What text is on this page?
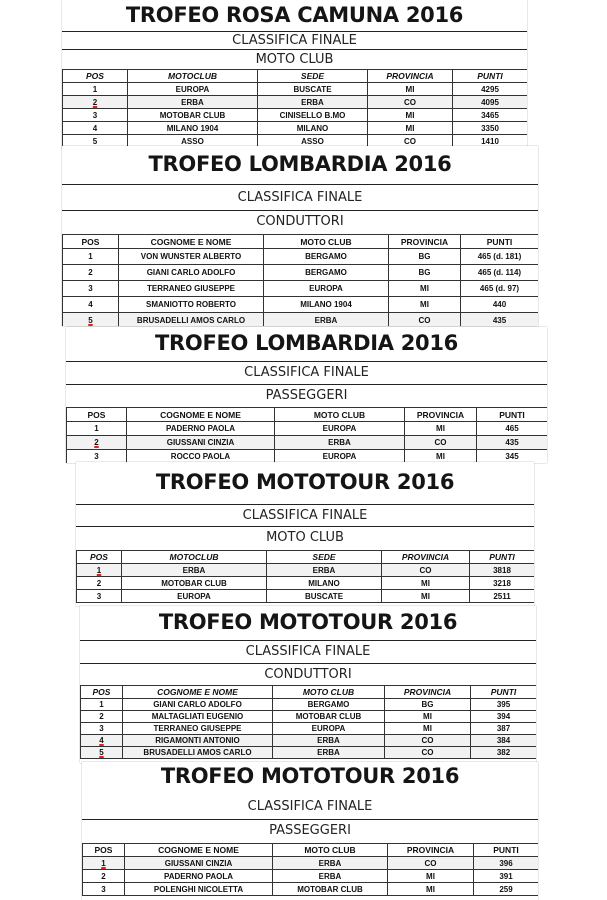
TROFEO ROSA CAMUNA 2016
CLASSIFICA FINALE
MOTO CLUB
POS	MOTOCLUB	SEDE	PROVINCIA	PUNTI
1	EUROPA	BUSCATE	MI	4295
2	ERBA	ERBA	CO	4095
3	MOTOBAR CLUB	CINISELLO B.MO	MI	3465
4	MILANO 1904	MILANO	MI	3350
5	ASSO	ASSO	CO	1410
TROFEO LOMBARDIA 2016
CLASSIFICA FINALE
CONDUTTORI
POS	COGNOME E NOME	MOTO CLUB	PROVINCIA	PUNTI
1	VON WUNSTER ALBERTO	BERGAMO	BG	465 (d. 181)
2	GIANI CARLO ADOLFO	BERGAMO	BG	465 (d. 114)
3	TERRANEO GIUSEPPE	EUROPA	MI	465 (d. 97)
4	SMANIOTTO ROBERTO	MILANO 1904	MI	440
5	BRUSADELLI AMOS CARLO	ERBA	CO	435
TROFEO LOMBARDIA 2016
CLASSIFICA FINALE
PASSEGGERI
POS	COGNOME E NOME	MOTO CLUB	PROVINCIA	PUNTI
1	PADERNO PAOLA	EUROPA	MI	465
2	GIUSSANI CINZIA	ERBA	CO	435
3	ROCCO PAOLA	EUROPA	MI	345
TROFEO MOTOTOUR 2016
CLASSIFICA FINALE
MOTO CLUB
POS	MOTOCLUB	SEDE	PROVINCIA	PUNTI
1	ERBA	ERBA	CO	3818
2	MOTOBAR CLUB	MILANO	MI	3218
3	EUROPA	BUSCATE	MI	2511
TROFEO MOTOTOUR 2016
CLASSIFICA FINALE
CONDUTTORI
POS	COGNOME E NOME	MOTO CLUB	PROVINCIA	PUNTI
1	GIANI CARLO ADOLFO	BERGAMO	BG	395
2	MALTAGLIATI EUGENIO	MOTOBAR CLUB	MI	394
3	TERRANEO GIUSEPPE	EUROPA	MI	387
4	RIGAMONTI ANTONIO	ERBA	CO	384
5	BRUSADELLI AMOS CARLO	ERBA	CO	382
TROFEO MOTOTOUR 2016
CLASSIFICA FINALE
PASSEGGERI
POS	COGNOME E NOME	MOTO CLUB	PROVINCIA	PUNTI
1	GIUSSANI CINZIA	ERBA	CO	396
2	PADERNO PAOLA	ERBA	MI	391
3	POLENGHI NICOLETTA	MOTOBAR CLUB	MI	259
